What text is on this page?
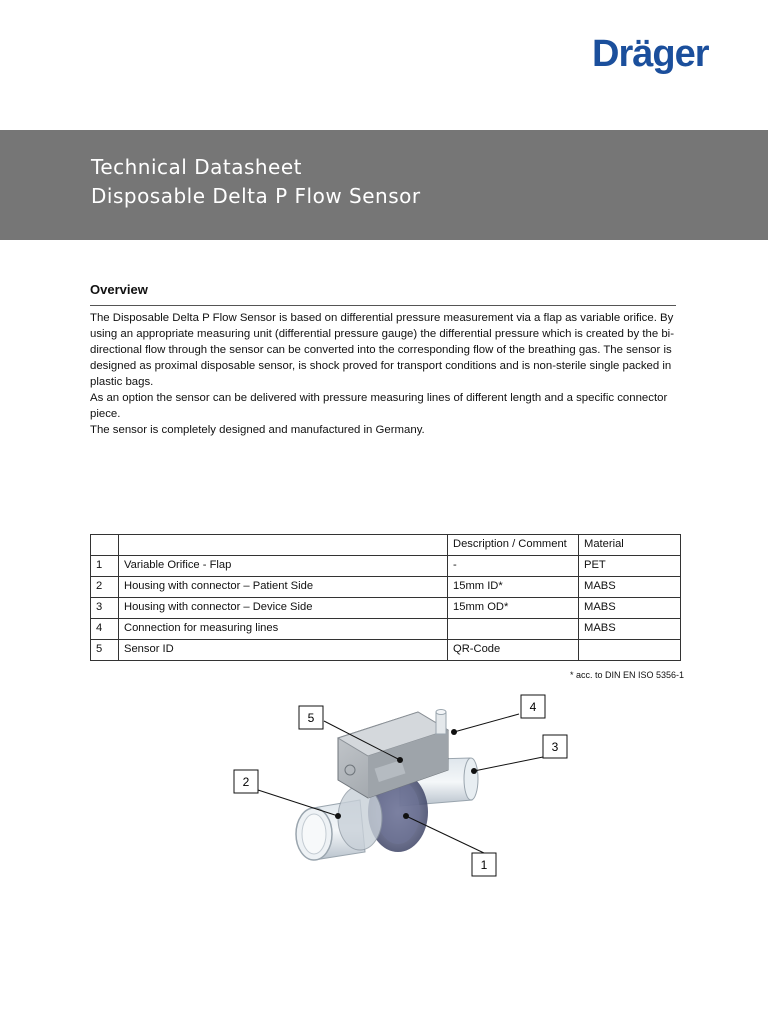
Dräger
Technical Datasheet
Disposable Delta P Flow Sensor
Overview

The Disposable Delta P Flow Sensor is based on differential pressure measurement via a flap as variable orifice. By using an appropriate measuring unit (differential pressure gauge) the differential pressure which is created by the bi-directional flow through the sensor can be converted into the corresponding flow of the breathing gas. The sensor is designed as proximal disposable sensor, is shock proved for transport conditions and is non-sterile single packed in plastic bags.

As an option the sensor can be delivered with pressure measuring lines of different length and a specific connector piece.

The sensor is completely designed and manufactured in Germany.

		Description / Comment	Material
1	Variable Orifice - Flap	-	PET
2	Housing with connector – Patient Side	15mm ID*	MABS
3	Housing with connector – Device Side	15mm OD*	MABS
4	Connection for measuring lines		MABS
5	Sensor ID	QR-Code	
* acc. to DIN EN ISO 5356-1
1
2
3
4
5
